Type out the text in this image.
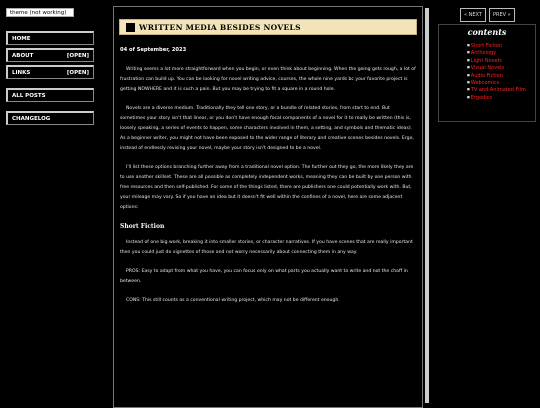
theme (not working)
HOME
ABOUT	[OPEN]
LINKS	[OPEN]
ALL POSTS
CHANGELOG
WRITTEN MEDIA BESIDES NOVELS
04 of September, 2023
Writing seems a lot more straightforward when you begin, or even think about beginning. When the going gets rough, a lot of frustration can build up. You can be looking for novel writing advice, courses, the whole nine yards bc your favorite project is getting NOWHERE and it is such a pain. But you may be trying to fit a square in a round hole.
Novels are a diverse medium. Traditionally they tell one story, or a bundle of related stories, from start to end. But sometimes your story isn't that linear, or you don't have enough focal components of a novel for it to really be written (this is, loosely speaking, a series of events to happen, some characters involved in them, a setting, and symbols and thematic ideas). As a beginner writer, you might not have been exposed to the wider range of literary and creative scenes besides novels. Ergo, instead of endlessly revising your novel, maybe your story isn't designed to be a novel.
I'll list these options branching further away from a traditional novel option. The further out they go, the more likely they are to use another skillset. These are all possible as completely independent works, meaning they can be built by one person with free resources and then self-published. For some of the things listed, there are publishers one could potentially work with. But, your mileage may vary. So if you have an idea but it doesn't fit well within the confines of a novel, here are some adjacent options:
Short Fiction
Instead of one big work, breaking it into smaller stories, or character narratives. If you have scenes that are really important then you could just do vignettes of those and not worry necessarily about connecting them in any way.
PROS: Easy to adapt from what you have, you can focus only on what parts you actually want to write and not the chaff in between.
CONS: This still counts as a conventional writing project, which may not be different enough.
« NEXT	PREV »
contents
■ Short Fiction
■ Anthology
■ Light Novels
■ Visual Novels
■ Audio Fiction
■ Webcomics
■ TV and Animated Film
■ Ergodics
